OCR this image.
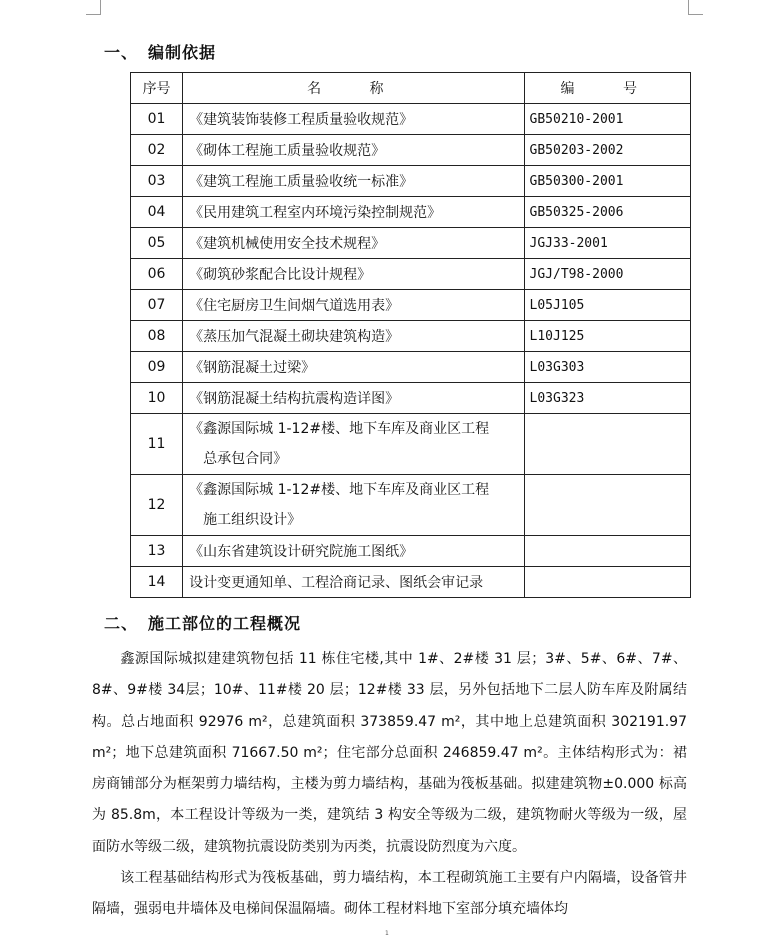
一、 编制依据
序号	名 称	编 号
01	《建筑装饰装修工程质量验收规范》	GB50210-2001
02	《砌体工程施工质量验收规范》	GB50203-2002
03	《建筑工程施工质量验收统一标准》	GB50300-2001
04	《民用建筑工程室内环境污染控制规范》	GB50325-2006
05	《建筑机械使用安全技术规程》	JGJ33-2001
06	《砌筑砂浆配合比设计规程》	JGJ/T98-2000
07	《住宅厨房卫生间烟气道选用表》	L05J105
08	《蒸压加气混凝土砌块建筑构造》	L10J125
09	《钢筋混凝土过梁》	L03G303
10	《钢筋混凝土结构抗震构造详图》	L03G323
11	《鑫源国际城 1-12#楼、地下车库及商业区工程
总承包合同》	

12	《鑫源国际城 1-12#楼、地下车库及商业区工程
施工组织设计》	

13	《山东省建筑设计研究院施工图纸》	
14	设计变更通知单、工程洽商记录、图纸会审记录	
二、 施工部位的工程概况

鑫源国际城拟建建筑物包括 11 栋住宅楼,其中 1#、2#楼 31 层；3#、5#、6#、7#、8#、9#楼 34层；10#、11#楼 20 层；12#楼 33 层，另外包括地下二层人防车库及附属结构。总占地面积 92976 m²，总建筑面积 373859.47 m²，其中地上总建筑面积 302191.97 m²；地下总建筑面积 71667.50 m²；住宅部分总面积 246859.47 m²。主体结构形式为：裙房商铺部分为框架剪力墙结构，主楼为剪力墙结构，基础为筏板基础。拟建建筑物±0.000 标高为 85.8m，本工程设计等级为一类，建筑结 3 构安全等级为二级，建筑物耐火等级为一级，屋面防水等级二级，建筑物抗震设防类别为丙类，抗震设防烈度为六度。

该工程基础结构形式为筏板基础，剪力墙结构，本工程砌筑施工主要有户内隔墙，设备管井隔墙，强弱电井墙体及电梯间保温隔墙。砌体工程材料地下室部分填充墙体均

1
